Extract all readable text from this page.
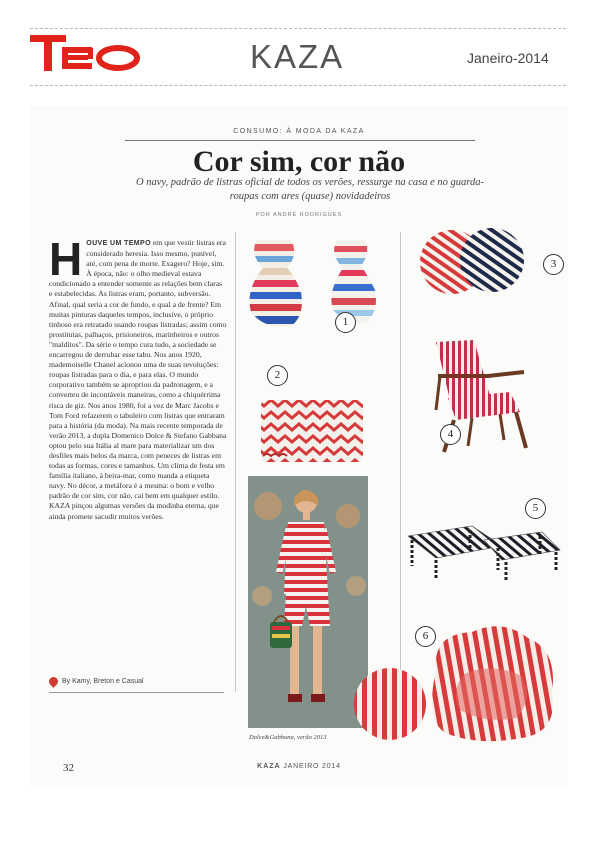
KAZA	Janeiro-2014
CONSUMO: À MODA DA KAZA
Cor sim, cor não
O navy, padrão de listras oficial de todos os verões, ressurge na casa e no guarda-roupas com ares (quase) novidadeiros
POR ANDRÉ RODRIGUES
HOUVE UM TEMPO em que vestir listras era considerado heresia. Isso mesmo, punível, até, com pena de morte. Exagero? Hoje, sim. À época, não: o olho medieval estava condicionado a entender somente as relações bem claras e estabelecidas. As listras eram, portanto, subversão. Afinal, qual seria a cor de fundo, e qual a de frente? Em muitas pinturas daqueles tempos, inclusive, o próprio tinhoso era retratado usando roupas listradas; assim como prostitutas, palhaços, prisioneiros, marinheiros e outros "malditos". Da série o tempo cura tudo, a sociedade se encarregou de derrubar esse tabu. Nos anos 1920, mademoiselle Chanel acionou uma de suas revoluções: roupas listradas para o dia, e para elas. O mundo corporativo também se apropriou da padronagem, e a converteu de incontáveis maneiras, como a chiquérrima risca de giz. Nos anos 1980, foi a vez de Marc Jacobs e Tom Ford refazerem o tabuleiro com listras que entraram para a história (da moda). Na mais recente temporada de verão 2013, a dupla Domenico Dolce & Stefano Gabbana optou pelo sua Itália al mare para materializar um dos desfiles mais belos da marca, com peneces de listras em todas as formas, cores e tamanhos. Um clima de festa em família italiano, à beira-mar, como manda a etiqueta navy. No décor, a metáfora é a mesma: o bom e velho padrão de cor sim, cor não, cai bem em qualquer estilo. KAZA pinçou algumas versões da modinha eterna, que ainda promete sacudir muitos verões.
By Kamy, Breton e Casual
1
2
Dolce&Gabbana, verão 2013
3
4
5
6
32	KAZA JANEIRO 2014
